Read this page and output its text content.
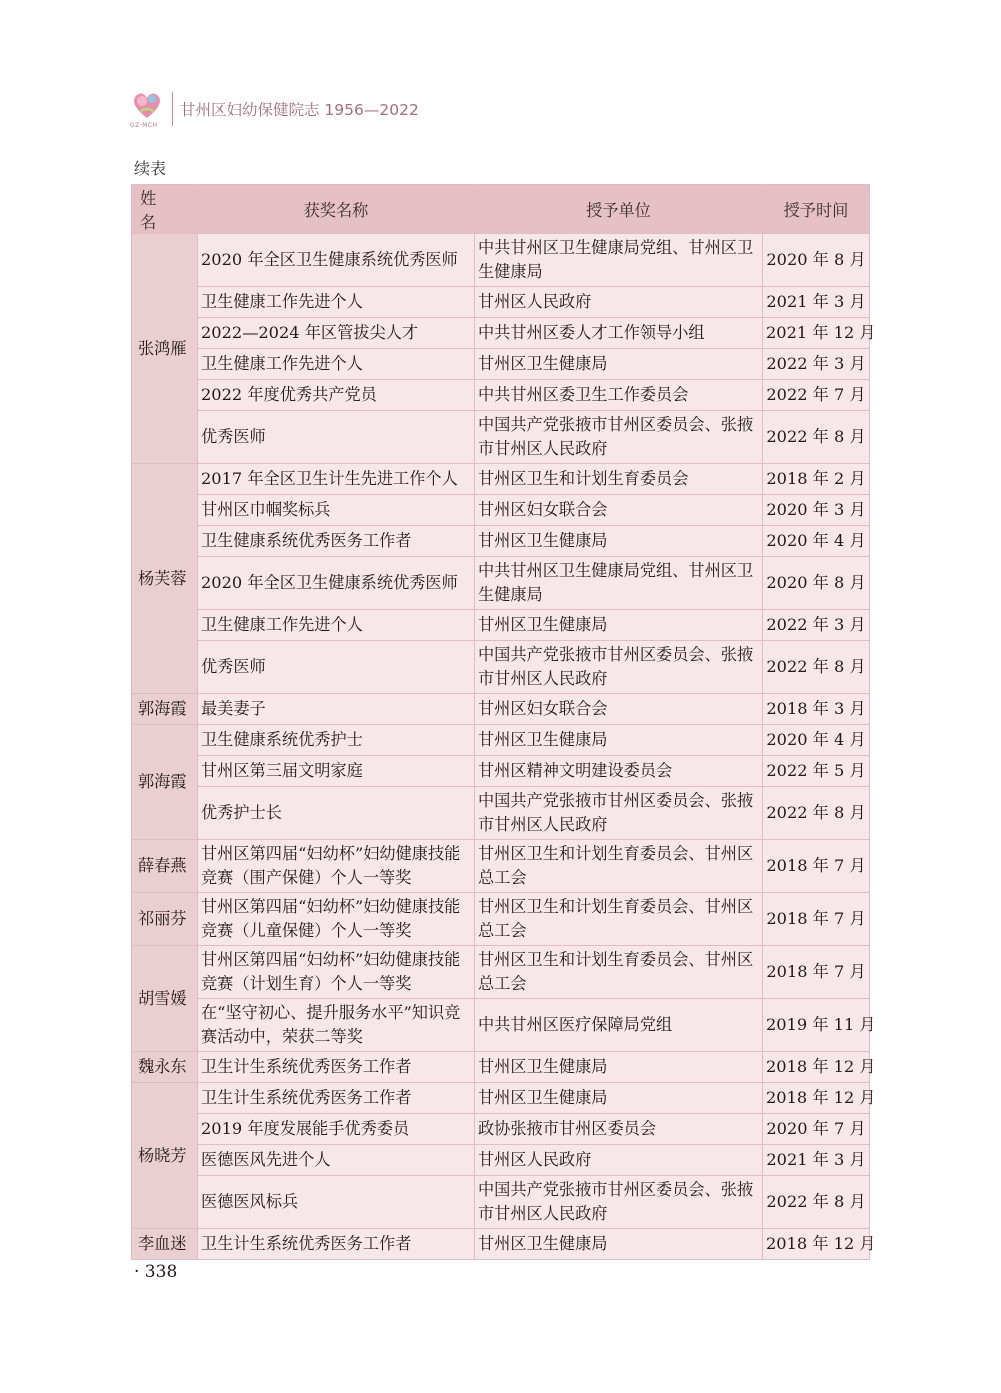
GZ·MCH
甘州区妇幼保健院志 1956—2022
续表
姓　名	获奖名称	授予单位	授予时间
张鸿雁	2020 年全区卫生健康系统优秀医师	中共甘州区卫生健康局党组、甘州区卫生健康局	2020 年 8 月
	卫生健康工作先进个人	甘州区人民政府	2021 年 3 月
	2022—2024 年区管拔尖人才	中共甘州区委人才工作领导小组	2021 年 12 月
	卫生健康工作先进个人	甘州区卫生健康局	2022 年 3 月
	2022 年度优秀共产党员	中共甘州区委卫生工作委员会	2022 年 7 月
	优秀医师	中国共产党张掖市甘州区委员会、张掖市甘州区人民政府	2022 年 8 月
杨芙蓉	2017 年全区卫生计生先进工作个人	甘州区卫生和计划生育委员会	2018 年 2 月
	甘州区巾帼奖标兵	甘州区妇女联合会	2020 年 3 月
	卫生健康系统优秀医务工作者	甘州区卫生健康局	2020 年 4 月
	2020 年全区卫生健康系统优秀医师	中共甘州区卫生健康局党组、甘州区卫生健康局	2020 年 8 月
	卫生健康工作先进个人	甘州区卫生健康局	2022 年 3 月
	优秀医师	中国共产党张掖市甘州区委员会、张掖市甘州区人民政府	2022 年 8 月
郭海霞	最美妻子	甘州区妇女联合会	2018 年 3 月
郭海霞	卫生健康系统优秀护士	甘州区卫生健康局	2020 年 4 月
	甘州区第三届文明家庭	甘州区精神文明建设委员会	2022 年 5 月
	优秀护士长	中国共产党张掖市甘州区委员会、张掖市甘州区人民政府	2022 年 8 月
薛春燕	甘州区第四届“妇幼杯”妇幼健康技能竞赛（围产保健）个人一等奖	甘州区卫生和计划生育委员会、甘州区总工会	2018 年 7 月
祁丽芬	甘州区第四届“妇幼杯”妇幼健康技能竞赛（儿童保健）个人一等奖	甘州区卫生和计划生育委员会、甘州区总工会	2018 年 7 月
胡雪媛	甘州区第四届“妇幼杯”妇幼健康技能竞赛（计划生育）个人一等奖	甘州区卫生和计划生育委员会、甘州区总工会	2018 年 7 月
	在“坚守初心、提升服务水平”知识竞赛活动中，荣获二等奖	中共甘州区医疗保障局党组	2019 年 11 月
魏永东	卫生计生系统优秀医务工作者	甘州区卫生健康局	2018 年 12 月
杨晓芳	卫生计生系统优秀医务工作者	甘州区卫生健康局	2018 年 12 月
	2019 年度发展能手优秀委员	政协张掖市甘州区委员会	2020 年 7 月
	医德医风先进个人	甘州区人民政府	2021 年 3 月
	医德医风标兵	中国共产党张掖市甘州区委员会、张掖市甘州区人民政府	2022 年 8 月
李血迷	卫生计生系统优秀医务工作者	甘州区卫生健康局	2018 年 12 月
· 338
